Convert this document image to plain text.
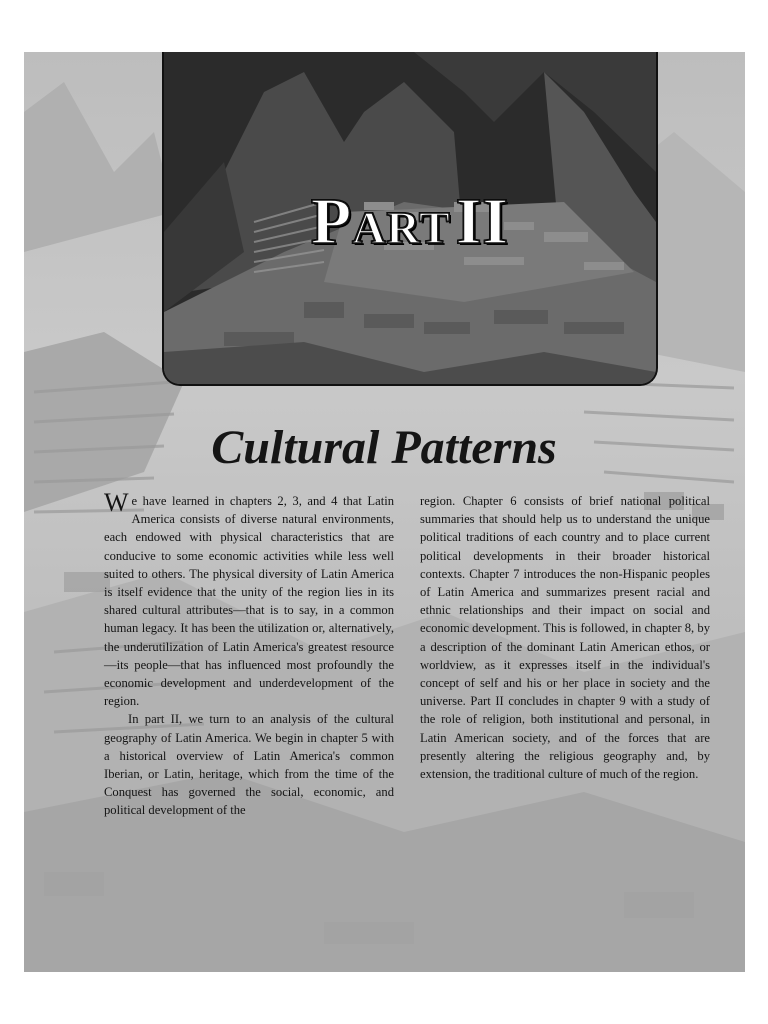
PART II
Cultural Patterns

We have learned in chapters 2, 3, and 4 that Latin America consists of diverse natural environments, each endowed with physical characteristics that are conducive to some economic activities while less well suited to others. The physical diversity of Latin America is itself evidence that the unity of the region lies in its shared cultural attributes—that is to say, in a common human legacy. It has been the utilization or, alternatively, the underutilization of Latin America's greatest resource—its people—that has influenced most profoundly the economic development and underdevelopment of the region.

In part II, we turn to an analysis of the cultural geography of Latin America. We begin in chapter 5 with a historical overview of Latin America's common Iberian, or Latin, heritage, which from the time of the Conquest has governed the social, economic, and political development of the

region. Chapter 6 consists of brief national political summaries that should help us to understand the unique political traditions of each country and to place current political developments in their broader historical contexts. Chapter 7 introduces the non-Hispanic peoples of Latin America and summarizes present racial and ethnic relationships and their impact on social and economic development. This is followed, in chapter 8, by a description of the dominant Latin American ethos, or worldview, as it expresses itself in the individual's concept of self and his or her place in society and the universe. Part II concludes in chapter 9 with a study of the role of religion, both institutional and personal, in Latin American society, and of the forces that are presently altering the religious geography and, by extension, the traditional culture of much of the region.
